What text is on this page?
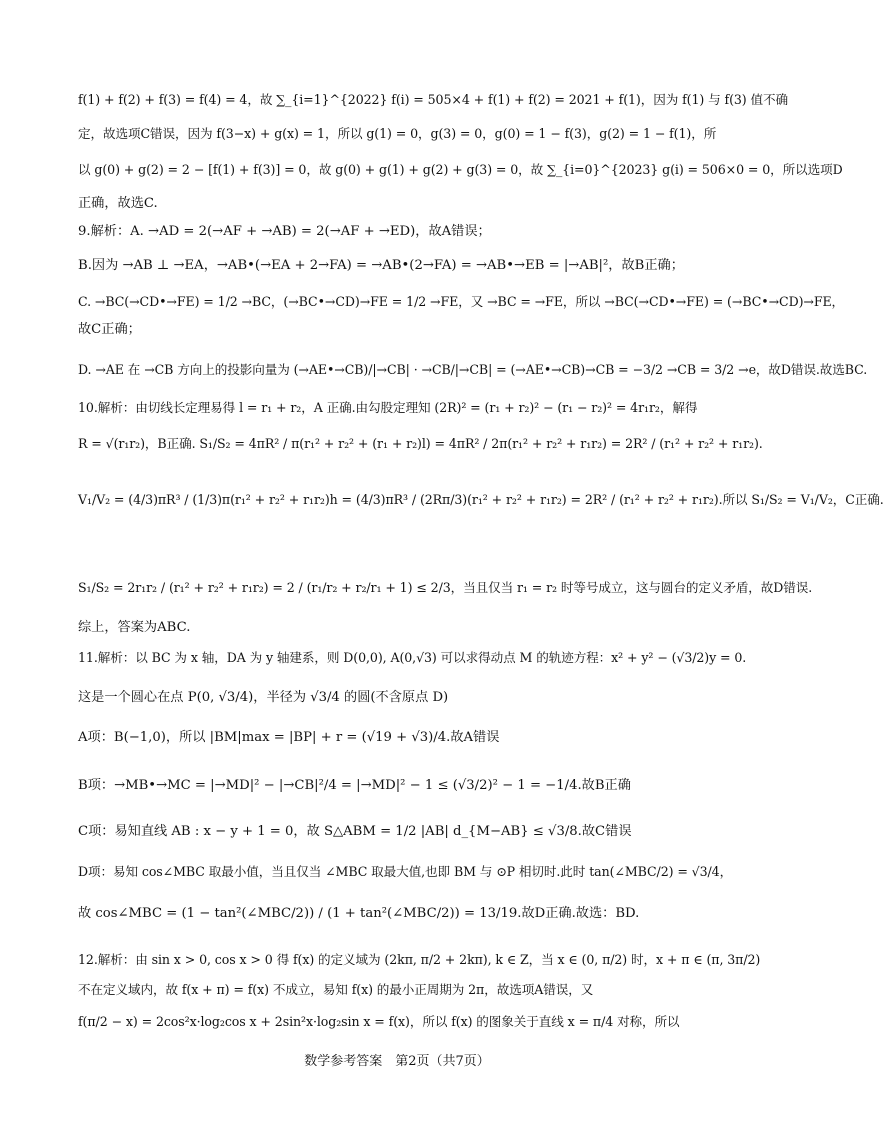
f(1) + f(2) + f(3) = f(4) = 4，故 ∑_{i=1}^{2022} f(i) = 505×4 + f(1) + f(2) = 2021 + f(1)，因为 f(1) 与 f(3) 值不确
定，故选项C错误，因为 f(3−x) + g(x) = 1，所以 g(1) = 0，g(3) = 0，g(0) = 1 − f(3)，g(2) = 1 − f(1)，所
以 g(0) + g(2) = 2 − [f(1) + f(3)] = 0，故 g(0) + g(1) + g(2) + g(3) = 0，故 ∑_{i=0}^{2023} g(i) = 506×0 = 0，所以选项D
正确，故选C.
9.解析：A. →AD = 2(→AF + →AB) = 2(→AF + →ED)，故A错误；
B.因为 →AB ⊥ →EA，→AB•(→EA + 2→FA) = →AB•(2→FA) = →AB•→EB = |→AB|²，故B正确；
C. →BC(→CD•→FE) = 1/2 →BC，(→BC•→CD)→FE = 1/2 →FE，又 →BC = →FE，所以 →BC(→CD•→FE) = (→BC•→CD)→FE，
故C正确；
D. →AE 在 →CB 方向上的投影向量为 (→AE•→CB)/|→CB| · →CB/|→CB| = (→AE•→CB)→CB = −3/2 →CB = 3/2 →e，故D错误.故选BC.
10.解析：由切线长定理易得 l = r₁ + r₂，A 正确.由勾股定理知 (2R)² = (r₁ + r₂)² − (r₁ − r₂)² = 4r₁r₂，解得
R = √(r₁r₂)，B正确. S₁/S₂ = 4πR² / π(r₁² + r₂² + (r₁ + r₂)l) = 4πR² / 2π(r₁² + r₂² + r₁r₂) = 2R² / (r₁² + r₂² + r₁r₂).
V₁/V₂ = (4/3)πR³ / (1/3)π(r₁² + r₂² + r₁r₂)h = (4/3)πR³ / (2Rπ/3)(r₁² + r₂² + r₁r₂) = 2R² / (r₁² + r₂² + r₁r₂).所以 S₁/S₂ = V₁/V₂，C正确.
S₁/S₂ = 2r₁r₂ / (r₁² + r₂² + r₁r₂) = 2 / (r₁/r₂ + r₂/r₁ + 1) ≤ 2/3，当且仅当 r₁ = r₂ 时等号成立，这与圆台的定义矛盾，故D错误.
综上，答案为ABC.
11.解析：以 BC 为 x 轴，DA 为 y 轴建系，则 D(0,0), A(0,√3) 可以求得动点 M 的轨迹方程：x² + y² − (√3/2)y = 0.
这是一个圆心在点 P(0, √3/4)，半径为 √3/4 的圆(不含原点 D)
A项：B(−1,0)，所以 |BM|max = |BP| + r = (√19 + √3)/4.故A错误
B项：→MB•→MC = |→MD|² − |→CB|²/4 = |→MD|² − 1 ≤ (√3/2)² − 1 = −1/4.故B正确
C项：易知直线 AB : x − y + 1 = 0，故 S△ABM = 1/2 |AB| d_{M−AB} ≤ √3/8.故C错误
D项：易知 cos∠MBC 取最小值，当且仅当 ∠MBC 取最大值,也即 BM 与 ⊙P 相切时.此时 tan(∠MBC/2) = √3/4，
故 cos∠MBC = (1 − tan²(∠MBC/2)) / (1 + tan²(∠MBC/2)) = 13/19.故D正确.故选：BD.
12.解析：由 sin x > 0, cos x > 0 得 f(x) 的定义域为 (2kπ, π/2 + 2kπ), k ∈ Z，当 x ∈ (0, π/2) 时，x + π ∈ (π, 3π/2)
不在定义域内，故 f(x + π) = f(x) 不成立，易知 f(x) 的最小正周期为 2π，故选项A错误，又
f(π/2 − x) = 2cos²x·log₂cos x + 2sin²x·log₂sin x = f(x)，所以 f(x) 的图象关于直线 x = π/4 对称，所以
数学参考答案　第2页（共7页）
